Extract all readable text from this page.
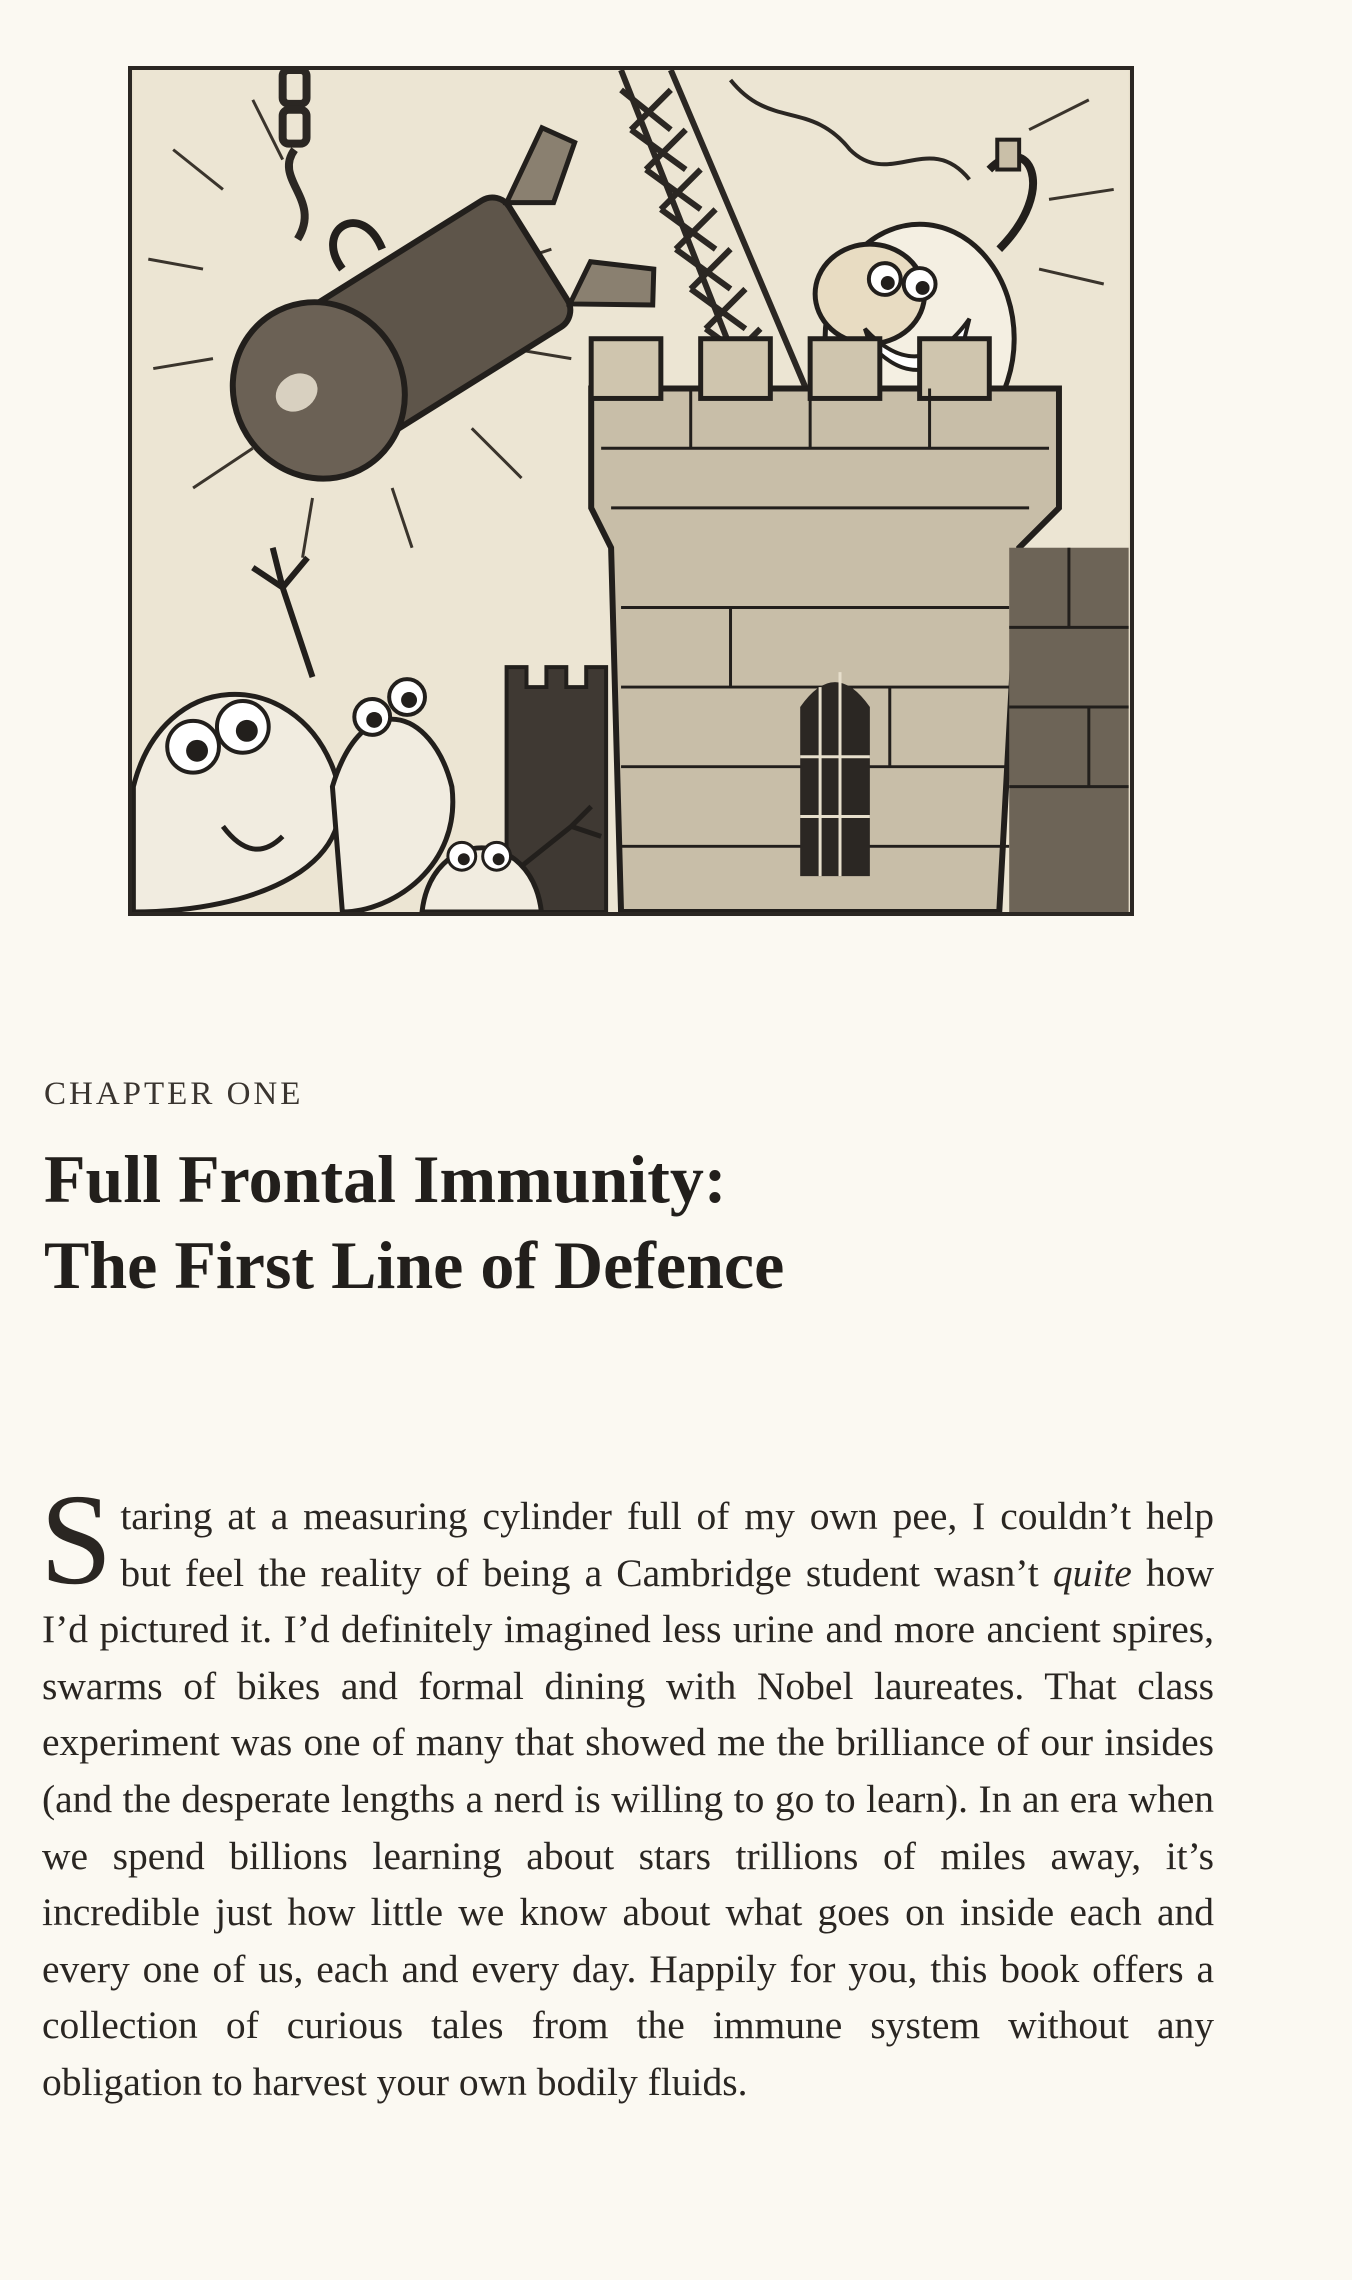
CHAPTER ONE
Full Frontal Immunity:
The First Line of Defence

Staring at a measuring cylinder full of my own pee, I couldn’t help but feel the reality of being a Cambridge student wasn’t quite how I’d pictured it. I’d definitely imagined less urine and more ancient spires, swarms of bikes and formal dining with Nobel laureates. That class experiment was one of many that showed me the brilliance of our insides (and the desperate lengths a nerd is willing to go to learn). In an era when we spend billions learning about stars trillions of miles away, it’s incredible just how little we know about what goes on inside each and every one of us, each and every day. Happily for you, this book offers a collection of curious tales from the immune system without any obligation to harvest your own bodily fluids.
